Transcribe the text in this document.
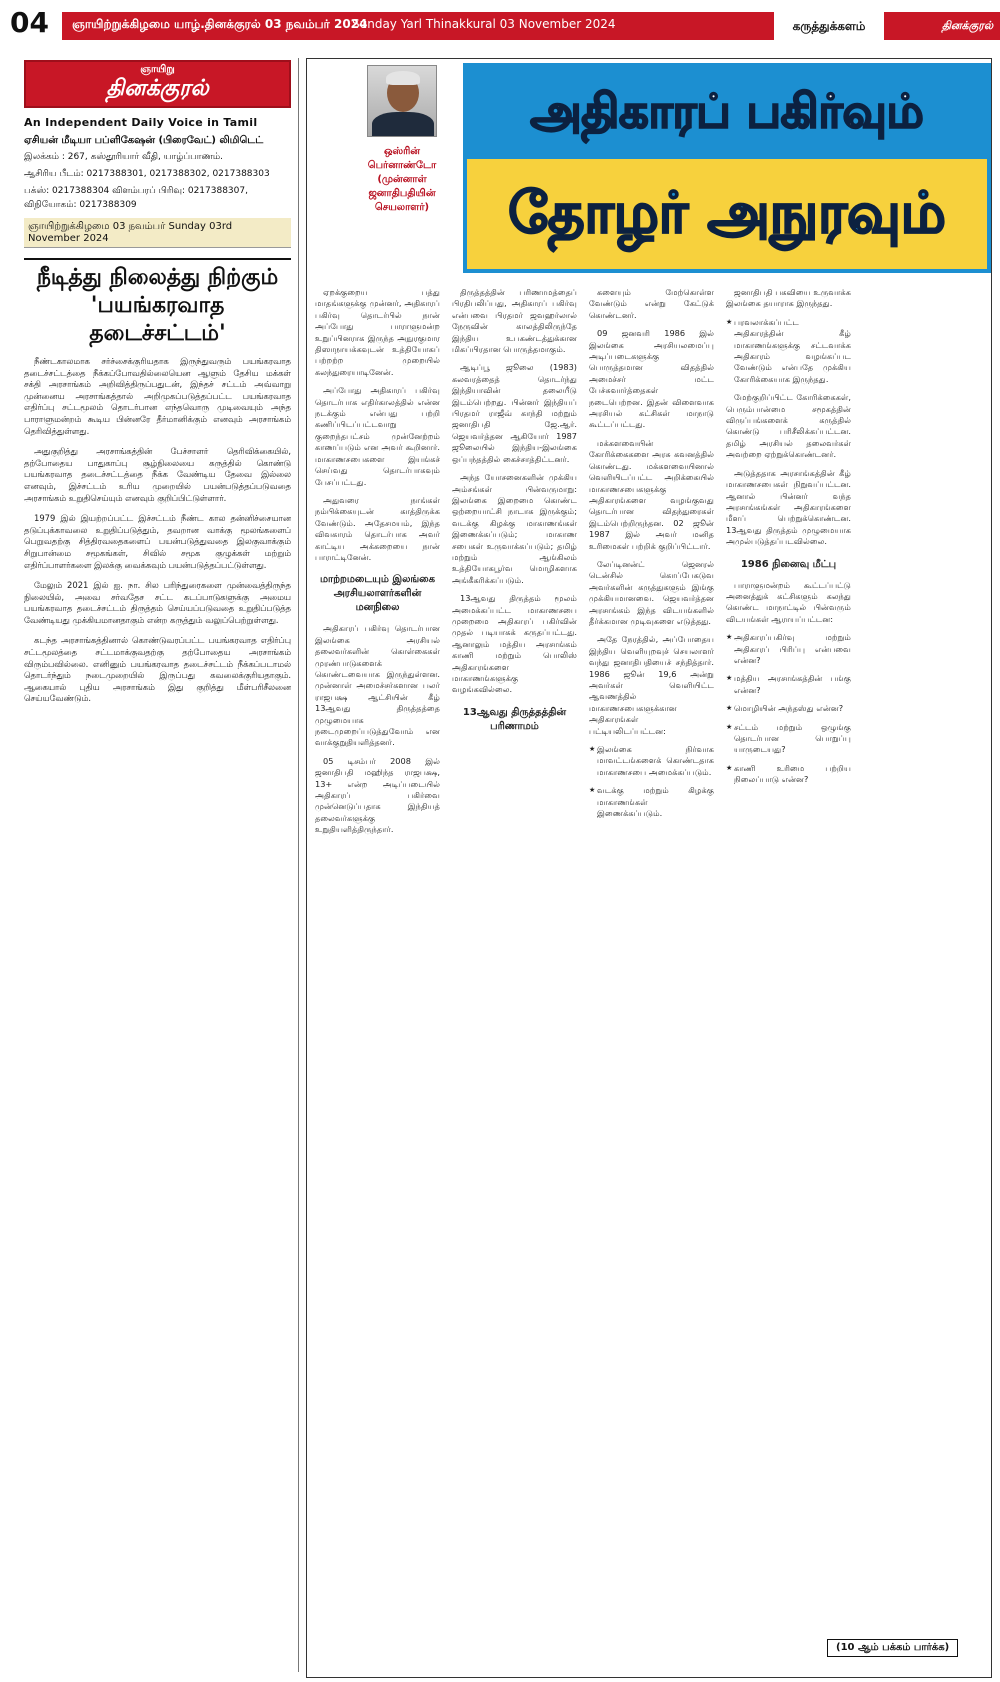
04 ஞாயிற்றுக்கிழமை யாழ்.தினக்குரல் 03 நவம்பர் 2024
Sunday Yarl Thinakkural 03 November 2024	கருத்துக்களம்	தினக்குரல்
ஞாயிறு
தினக்குரல்
An Independent Daily Voice in Tamil
ஏசியன் மீடியா பப்ளிகேஷன் (பிரைவேட்) லிமிடெட்
இலக்கம் : 267, கஸ்தூரியார் வீதி, யாழ்ப்பாணம்.
ஆசிரிய பீடம்: 0217388301, 0217388302, 0217388303
பக்ஸ்: 0217388304 விளம்பரப் பிரிவு: 0217388307, விநியோகம்: 0217388309
ஞாயிற்றுக்கிழமை 03 நவம்பர் Sunday 03rd November 2024
நீடித்து நிலைத்து நிற்கும் 'பயங்கரவாத தடைச்சட்டம்'

நீண்டகாலமாக சர்ச்சைக்குரியதாக இருந்துவரும் பயங்கரவாத தடைச்சட்டத்தை நீக்கப்போவதில்லையென ஆளும் தேசிய மக்கள் சக்தி அரசாங்கம் அறிவித்திருப்பதுடன், இந்தச் சட்டம் அவ்வாறு முன்னைய அரசாங்கத்தால் அறிமுகப்படுத்தப்பட்ட பயங்கரவாத எதிர்ப்பு சட்டமூலம் தொடர்பான எந்தவொரு முடிவையும் அந்த பாராளுமன்றம் கூடிய பின்னரே தீர்மானிக்கும் எனவும் அரசாங்கம் தெரிவித்துள்ளது.

அதுகுறித்து அரசாங்கத்தின் பேச்சாளர் தெரிவிக்கையில், தற்போதைய பாதுகாப்பு சூழ்நிலையை கருத்தில் கொண்டு பயங்கரவாத தடைச்சட்டத்தை நீக்க வேண்டிய தேவை இல்லை எனவும், இச்சட்டம் உரிய முறையில் பயன்படுத்தப்படுவதை அரசாங்கம் உறுதிசெய்யும் எனவும் குறிப்பிட்டுள்ளார்.

1979 இல் இயற்றப்பட்ட இச்சட்டம் நீண்ட கால தன்னிச்சையான தடுப்புக்காவலை உறுதிப்படுத்தும், தவறான வாக்கு மூலங்களைப் பெறுவதற்கு சித்திரவதைகளைப் பயன்படுத்துவதை இலகுவாக்கும் சிறுபான்மை சமூகங்கள், சிவில் சமூக குழுக்கள் மற்றும் எதிர்ப்பாளர்களை இலக்கு வைக்கவும் பயன்படுத்தப்பட்டுள்ளது.

மேலும் 2021 இல் ஐ. நா. சில பரிந்துரைகளை முன்வைத்திருந்த நிலையில், அவை சர்வதேச சட்ட கடப்பாடுகளுக்கு அமைய பயங்கரவாத தடைச்சட்டம் திருத்தம் செய்யப்படுவதை உறுதிப்படுத்த வேண்டியது முக்கியமானதாகும் என்ற கருத்தும் வலுப்பெற்றுள்ளது.

கடந்த அரசாங்கத்தினால் கொண்டுவரப்பட்ட பயங்கரவாத எதிர்ப்பு சட்டமூலத்தை சட்டமாக்குவதற்கு தற்போதைய அரசாங்கம் விரும்பவில்லை. எனினும் பயங்கரவாத தடைச்சட்டம் நீக்கப்படாமல் தொடர்ந்தும் நடைமுறையில் இருப்பது கவலைக்குரியதாகும். ஆகையால் புதிய அரசாங்கம் இது குறித்து மீள்பரிசீலனை செய்யவேண்டும்.

ஒஸ்ரின் பெர்னாண்டோ (முன்னாள் ஜனாதிபதியின் செயலாளர்)
அதிகாரப் பகிர்வும்
தோழர் அநுரவும்

ஏறக்குறைய பத்து மாதங்களுக்கு முன்னர், அதிகாரப் பகிர்வு தொடர்பில் நான் அப்போது பாராளுமன்ற உறுப்பினராக இருந்த அநுரகுமார திஸாநாயக்கவுடன் உத்தியோகப் பற்றற்ற முறையில் கலந்துரையாடினேன்.

அப்போது அதிகாரப் பகிர்வு தொடர்பாக எதிர்காலத்தில் என்ன நடக்கும் என்பது பற்றி கணிப்பிடப்பட்டவாறு குறைந்தபட்சம் முன்னேற்றம் காணப்படும் என அவர் கூறினார். மாகாணசபைகளை இயங்கச் செய்வது தொடர்பாகவும் பேசப்பட்டது.

அதுவரை நாங்கள் நம்பிக்கையுடன் காத்திருக்க வேண்டும். அதேசமயம், இந்த விவகாரம் தொடர்பாக அவர் காட்டிய அக்கறையை நான் பாராட்டினேன்.

மாற்றமடையும் இலங்கை அரசியலாளர்களின் மனநிலை

அதிகாரப் பகிர்வு தொடர்பான இலங்கை அரசியல் தலைவர்களின் கொள்கைகள் முரண்பாடுகளைக் கொண்டவையாக இருந்துள்ளன. முன்னாள் அமைச்சர்களான பலர் ராஜபக்ஷ ஆட்சியின் கீழ் 13ஆவது திருத்தத்தை முழுமையாக நடைமுறைப்படுத்துவோம் என வாக்குறுதியளித்தனர்.

05 டிசம்பர் 2008 இல் ஜனாதிபதி மஹிந்த ராஜபக்ஷ, 13+ என்ற அடிப்படையில் அதிகாரப் பகிர்வை முன்னெடுப்பதாக இந்தியத் தலைவர்களுக்கு உறுதியளித்திருந்தார்.

திருத்தத்தின் பரிணாமத்தைப் பிரதிபலிப்பது, அதிகாரப் பகிர்வு என்பவை பிரதமர் ஜவஹர்லால் நேருவின் காலத்திலிருந்தே இந்திய உபகண்டத்துக்கான மிகப்பிரதான பொருத்தமாகும்.

ஆடிப்பூ ஜூலை (1983) கலவரத்தைத் தொடர்ந்து இந்தியாவின் தலையீடு இடம்பெற்றது. பின்னர் இந்தியப் பிரதமர் ராஜீவ் காந்தி மற்றும் ஜனாதிபதி ஜே.ஆர். ஜெயவர்த்தன ஆகியோர் 1987 ஜூலையில் இந்திய-இலங்கை ஒப்பந்தத்தில் கைச்சாத்திட்டனர்.

அந்த யோசனைகளின் முக்கிய அம்சங்கள் பின்வருமாறு: இலங்கை இறைமை கொண்ட ஒற்றையாட்சி நாடாக இருக்கும்; வடக்கு கிழக்கு மாகாணங்கள் இணைக்கப்படும்; மாகாண சபைகள் உருவாக்கப்படும்; தமிழ் மற்றும் ஆங்கிலம் உத்தியோகபூர்வ மொழிகளாக அங்கீகரிக்கப்படும்.

13ஆவது திருத்தம் மூலம் அமைக்கப்பட்ட மாகாணசபை முறைமை அதிகாரப் பகிர்வின் முதல் படியாகக் கருதப்பட்டது. ஆனாலும் மத்திய அரசாங்கம் காணி மற்றும் பொலிஸ் அதிகாரங்களை மாகாணங்களுக்கு வழங்கவில்லை.

13ஆவது திருத்தத்தின் பரிணாமம்

களையும் மேற்கொள்ள வேண்டும் என்று கேட்டுக் கொண்டனர்.

09 ஜனவரி 1986 இல் இலங்கை அரசியலமைப்பு அடிப்படைகளுக்கு பொருத்தமான விதத்தில் அமைச்சர் மட்ட பேச்சுவார்த்தைகள் நடைபெற்றன. இதன் விளைவாக அரசியல் கட்சிகள் மாநாடு கூட்டப்பட்டது.

மக்களவையின் கோரிக்கைகளை அரசு கவனத்தில் கொண்டது. மக்களவையினால் வெளியிடப்பட்ட அறிக்கையில் மாகாணசபைகளுக்கு அதிகாரங்களை வழங்குவது தொடர்பான விதந்துரைகள் இடம்பெற்றிருந்தன. 02 ஜூன் 1987 இல் அவர் மனித உரிமைகள் பற்றிக் குறிப்பிட்டார்.

லேப்டினன்ட் ஜெனரல் டென்சில் கொப்பேகடுவ அவர்களின் கருத்துகளும் இங்கு முக்கியமானவை. ஜெயவர்த்தன அரசாங்கம் இந்த விடயங்களில் தீர்க்கமான முடிவுகளை எடுத்தது.

அதே நேரத்தில், அப்போதைய இந்திய வெளியுறவுச் செயலாளர் வந்து ஜனாதிபதியைச் சந்தித்தார். 1986 ஜூன் 19,6 அன்று அவர்கள் வெளியிட்ட ஆவணத்தில் மாகாணசபைகளுக்கான அதிகாரங்கள் பட்டியலிடப்பட்டன:

★ இலங்கை நிர்வாக மாவட்டங்களைக் கொண்டதாக மாகாணசபை அமைக்கப்படும்.

★ வடக்கு மற்றும் கிழக்கு மாகாணங்கள் இணைக்கப்படும்.

ஜனாதிபதி பகவியை உருவாக்க இலங்கை தயாராக இருந்தது.

★ பரவலாக்கப்பட்ட அதிகாரத்தின் கீழ் மாகாணங்களுக்கு சட்டவாக்க அதிகாரம் வழங்கப்பட வேண்டும் என்பதே முக்கிய கோரிக்கையாக இருந்தது.

மேற்குறிப்பிட்ட கோரிக்கைகள், பெரும்பான்மை சமூகத்தின் விருப்பங்களைக் கருத்தில் கொண்டு பரிசீலிக்கப்பட்டன. தமிழ் அரசியல் தலைவர்கள் அவற்றை ஏற்றுக்கொண்டனர்.

அடுத்ததாக அரசாங்கத்தின் கீழ் மாகாணசபைகள் நிறுவப்பட்டன. ஆனால் பின்னர் வந்த அரசாங்கங்கள் அதிகாரங்களை மீளப் பெற்றுக்கொண்டன. 13ஆவது திருத்தம் முழுமையாக அமுல்படுத்தப்படவில்லை.

1986 நினைவு மீட்பு

பாராளுமன்றம் கூட்டப்பட்டு அனைத்துக் கட்சிகளும் கலந்து கொண்ட மாநாட்டில் பின்வரும் விடயங்கள் ஆராயப்பட்டன:

★ அதிகாரப்பகிர்வு மற்றும் அதிகாரப் பிரிப்பு என்பவை என்ன?

★ மத்திய அரசாங்கத்தின் பங்கு என்ன?

★ மொழியின் அந்தஸ்து என்ன?

★ சட்டம் மற்றும் ஒழுங்கு தொடர்பான பொறுப்பு யாருடையது?

★ காணி உரிமை பற்றிய நிலைப்பாடு என்ன?

(10 ஆம் பக்கம் பார்க்க)
